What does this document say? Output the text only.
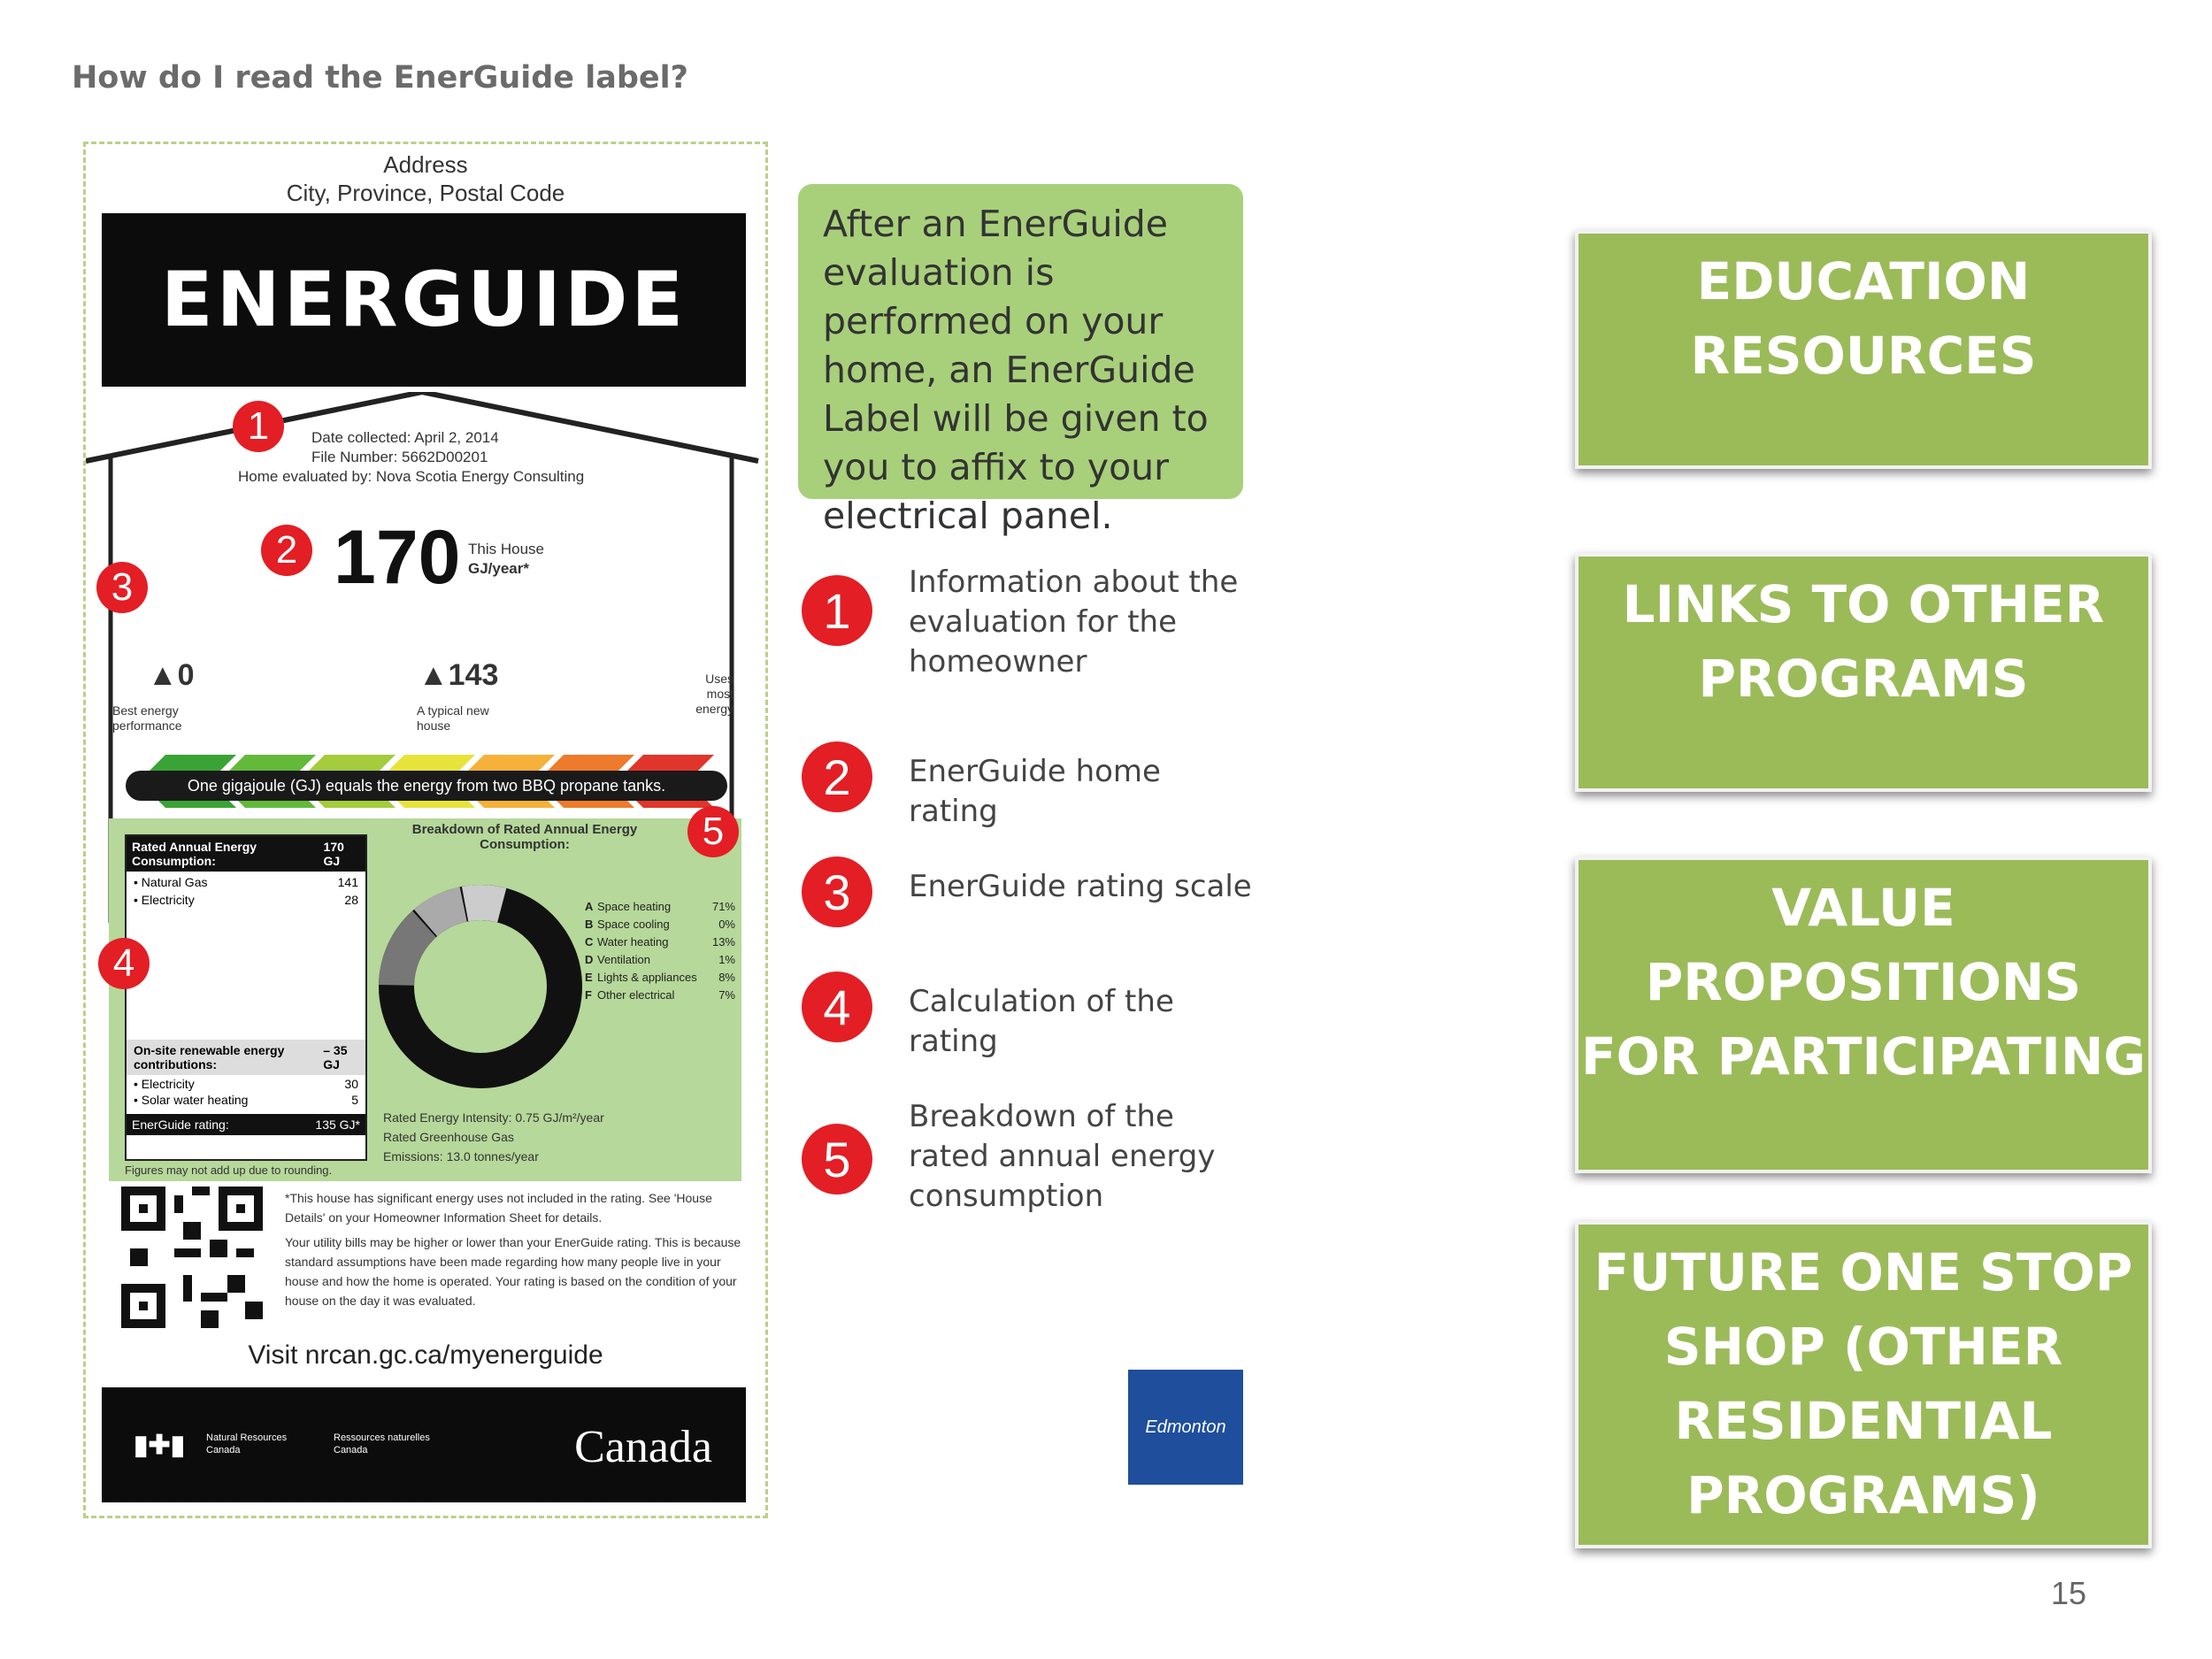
How do I read the EnerGuide label?
Address
City, Province, Postal Code
ENERGUIDE
1	Date collected: April 2, 2014
File Number: 5662D00201
Home evaluated by: Nova Scotia Energy Consulting
2 170 This House
GJ/year*
3
▲0
Best energy performance
▲143
A typical new house
Uses most energy
One gigajoule (GJ) equals the energy from two BBQ propane tanks.
Rated Annual Energy Consumption:
170 GJ
• Natural Gas	141
• Electricity	28
On-site renewable energy contributions:
– 35 GJ
• Electricity	30
• Solar water heating	5
EnerGuide rating:	135 GJ*
Figures may not add up due to rounding.
4
5
Breakdown of Rated Annual Energy Consumption:
A Space heating	71%
B Space cooling	0%
C Water heating	13%
D Ventilation	1%
E Lights & appliances	8%
F Other electrical	7%
Rated Energy Intensity: 0.75 GJ/m²/year
Rated Greenhouse Gas
Emissions: 13.0 tonnes/year
*This house has significant energy uses not included in the rating. See 'House Details' on your Homeowner Information Sheet for details.
Your utility bills may be higher or lower than your EnerGuide rating. This is because standard assumptions have been made regarding how many people live in your house and how the home is operated. Your rating is based on the condition of your house on the day it was evaluated.
Visit nrcan.gc.ca/myenerguide
▮✚▮ Natural Resources Canada
Ressources naturelles Canada	Canada
After an EnerGuide evaluation is performed on your home, an EnerGuide Label will be given to you to affix to your electrical panel.
1
Information about the evaluation for the homeowner
2	EnerGuide home rating
3	EnerGuide rating scale
4	Calculation of the rating
5
Breakdown of the rated annual energy consumption
Edmonton
EDUCATION RESOURCES
LINKS TO OTHER PROGRAMS
VALUE PROPOSITIONS FOR PARTICIPATING
FUTURE ONE STOP SHOP (OTHER RESIDENTIAL PROGRAMS)
15
